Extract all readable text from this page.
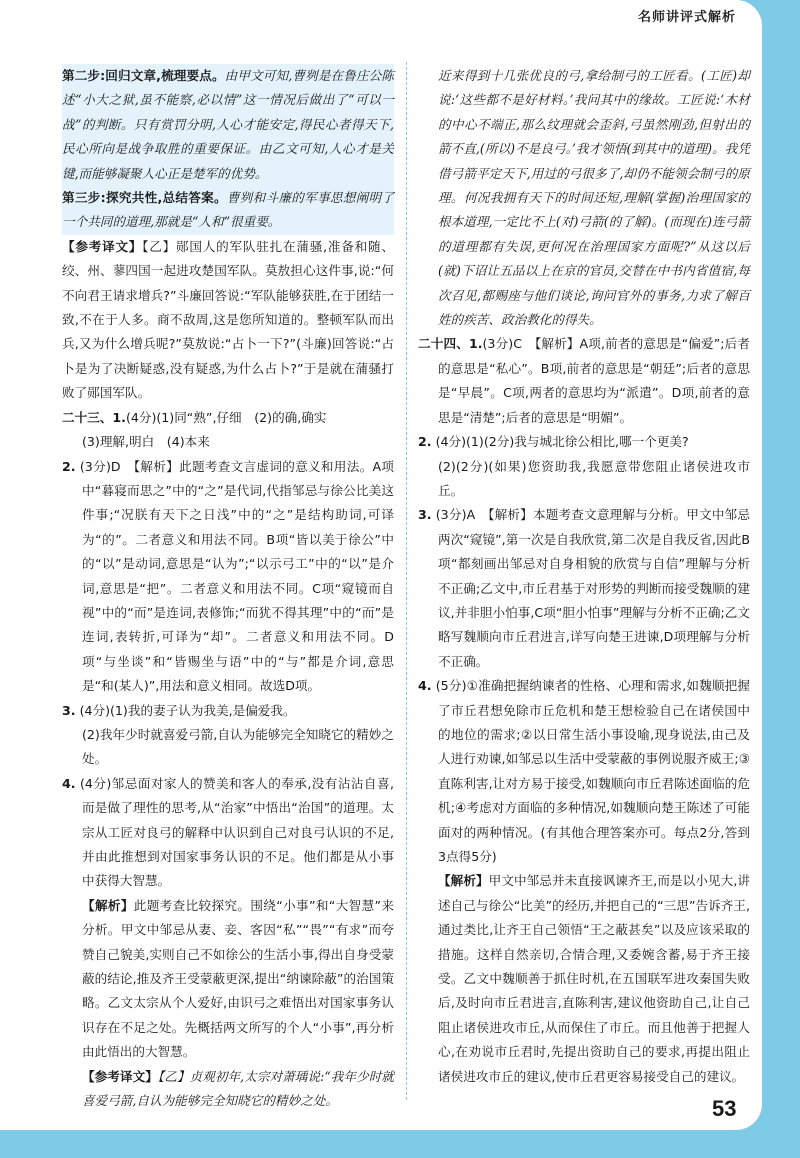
名师讲评式解析

第二步:回归文章,梳理要点。由甲文可知,曹刿是在鲁庄公陈述“小大之狱,虽不能察,必以情”这一情况后做出了“可以一战”的判断。只有赏罚分明,人心才能安定,得民心者得天下,民心所向是战争取胜的重要保证。由乙文可知,人心才是关键,而能够凝聚人心正是楚军的优势。

第三步:探究共性,总结答案。曹刿和斗廉的军事思想阐明了一个共同的道理,那就是“人和”很重要。

【参考译文】【乙】郧国人的军队驻扎在蒲骚,准备和随、绞、州、蓼四国一起进攻楚国军队。莫敖担心这件事,说:“何不向君王请求增兵?”斗廉回答说:“军队能够获胜,在于团结一致,不在于人多。商不敌周,这是您所知道的。整顿军队而出兵,又为什么增兵呢?”莫敖说:“占卜一下?”(斗廉)回答说:“占卜是为了决断疑惑,没有疑惑,为什么占卜?”于是就在蒲骚打败了郧国军队。

二十三、1.(4分)(1)同“熟”,仔细　(2)的确,确实

(3)理解,明白　(4)本来

2. (3分)D　【解析】此题考查文言虚词的意义和用法。A项中“暮寝而思之”中的“之”是代词,代指邹忌与徐公比美这件事;“况朕有天下之日浅”中的“之”是结构助词,可译为“的”。二者意义和用法不同。B项“皆以美于徐公”中的“以”是动词,意思是“认为”;“以示弓工”中的“以”是介词,意思是“把”。二者意义和用法不同。C项“窥镜而自视”中的“而”是连词,表修饰;“而犹不得其理”中的“而”是连词,表转折,可译为“却”。二者意义和用法不同。D项“与坐谈”和“皆赐坐与语”中的“与”都是介词,意思是“和(某人)”,用法和意义相同。故选D项。

3. (4分)(1)我的妻子认为我美,是偏爱我。

(2)我年少时就喜爱弓箭,自认为能够完全知晓它的精妙之处。

4. (4分)邹忌面对家人的赞美和客人的奉承,没有沾沾自喜,而是做了理性的思考,从“治家”中悟出“治国”的道理。太宗从工匠对良弓的解释中认识到自己对良弓认识的不足,并由此推想到对国家事务认识的不足。他们都是从小事中获得大智慧。

【解析】此题考查比较探究。围绕“小事”和“大智慧”来分析。甲文中邹忌从妻、妾、客因“私”“畏”“有求”而夸赞自己貌美,实则自己不如徐公的生活小事,得出自身受蒙蔽的结论,推及齐王受蒙蔽更深,提出“纳谏除蔽”的治国策略。乙文太宗从个人爱好,由识弓之难悟出对国家事务认识存在不足之处。先概括两文所写的个人“小事”,再分析由此悟出的大智慧。

【参考译文】【乙】贞观初年,太宗对萧瑀说:“我年少时就喜爱弓箭,自认为能够完全知晓它的精妙之处。

近来得到十几张优良的弓,拿给制弓的工匠看。(工匠)却说:‘这些都不是好材料。’我问其中的缘故。工匠说:‘木材的中心不端正,那么纹理就会歪斜,弓虽然刚劲,但射出的箭不直,(所以)不是良弓。’我才领悟(到其中的道理)。我凭借弓箭平定天下,用过的弓很多了,却仍不能领会制弓的原理。何况我拥有天下的时间还短,理解(掌握)治理国家的根本道理,一定比不上(对)弓箭(的了解)。(而现在)连弓箭的道理都有失误,更何况在治理国家方面呢?”从这以后(就)下诏让五品以上在京的官员,交替在中书内省值宿,每次召见,都赐座与他们谈论,询问官外的事务,力求了解百姓的疾苦、政治教化的得失。

二十四、1.(3分)C　【解析】A项,前者的意思是“偏爱”;后者的意思是“私心”。B项,前者的意思是“朝廷”;后者的意思是“早晨”。C项,两者的意思均为“派遣”。D项,前者的意思是“清楚”;后者的意思是“明媚”。

2. (4分)(1)(2分)我与城北徐公相比,哪一个更美?

(2)(2分)(如果)您资助我,我愿意带您阻止诸侯进攻市丘。

3. (3分)A　【解析】本题考查文意理解与分析。甲文中邹忌两次“窥镜”,第一次是自我欣赏,第二次是自我反省,因此B项“都刻画出邹忌对自身相貌的欣赏与自信”理解与分析不正确;乙文中,市丘君基于对形势的判断而接受魏顺的建议,并非胆小怕事,C项“胆小怕事”理解与分析不正确;乙文略写魏顺向市丘君进言,详写向楚王进谏,D项理解与分析不正确。

4. (5分)①准确把握纳谏者的性格、心理和需求,如魏顺把握了市丘君想免除市丘危机和楚王想检验自己在诸侯国中的地位的需求;②以日常生活小事设喻,现身说法,由己及人进行劝谏,如邹忌以生活中受蒙蔽的事例说服齐威王;③直陈利害,让对方易于接受,如魏顺向市丘君陈述面临的危机;④考虑对方面临的多种情况,如魏顺向楚王陈述了可能面对的两种情况。(有其他合理答案亦可。每点2分,答到3点得5分)

【解析】甲文中邹忌并未直接讽谏齐王,而是以小见大,讲述自己与徐公“比美”的经历,并把自己的“三思”告诉齐王,通过类比,让齐王自己领悟“王之蔽甚矣”以及应该采取的措施。这样自然亲切,合情合理,又委婉含蓄,易于齐王接受。乙文中魏顺善于抓住时机,在五国联军进攻秦国失败后,及时向市丘君进言,直陈利害,建议他资助自己,让自己阻止诸侯进攻市丘,从而保住了市丘。而且他善于把握人心,在劝说市丘君时,先提出资助自己的要求,再提出阻止诸侯进攻市丘的建议,使市丘君更容易接受自己的建议。

53
